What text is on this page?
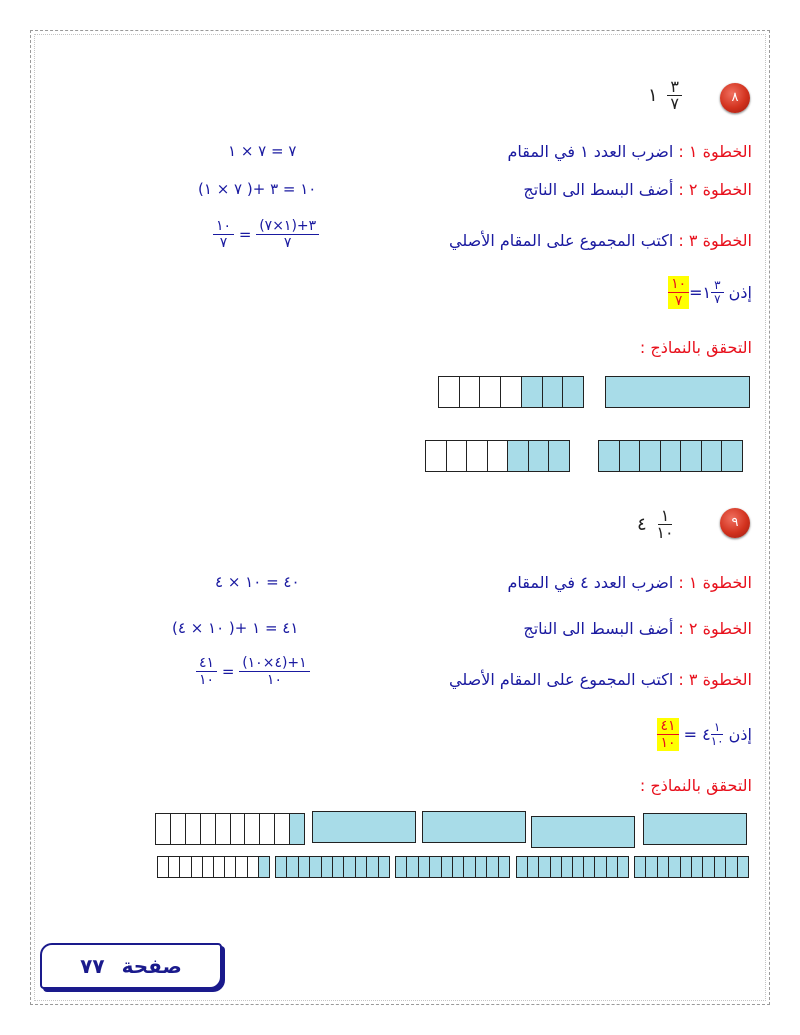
٨
١ $\frac{٣}{٧}$
الخطوة ١ : اضرب العدد ١ في المقام
٧ = ٧ × ١
الخطوة ٢ : أضف البسط الى الناتج
١٠ = ٣ +( ٧ × ١)
الخطوة ٣ : اكتب المجموع على المقام الأصلي
$\frac{١٠}{٧} = \frac{(١\times ٧)+٣}{٧}$
إذن
$\frac{١٠}{٧}$ =١ $\frac{٣}{٧}$
التحقق بالنماذج :
٩
٤ $\frac{١}{١٠}$
الخطوة ١ : اضرب العدد ٤ في المقام
٤٠ = ١٠ × ٤
الخطوة ٢ : أضف البسط الى الناتج
٤١ = ١ +( ١٠ × ٤)
الخطوة ٣ : اكتب المجموع على المقام الأصلي
$\frac{٤١}{١٠} = \frac{(٤\times ١٠)+١}{١٠}$
إذن
$\frac{٤١}{١٠}$ = ٤ $\frac{١}{١٠}$
التحقق بالنماذج :
صفحة ٧٧
